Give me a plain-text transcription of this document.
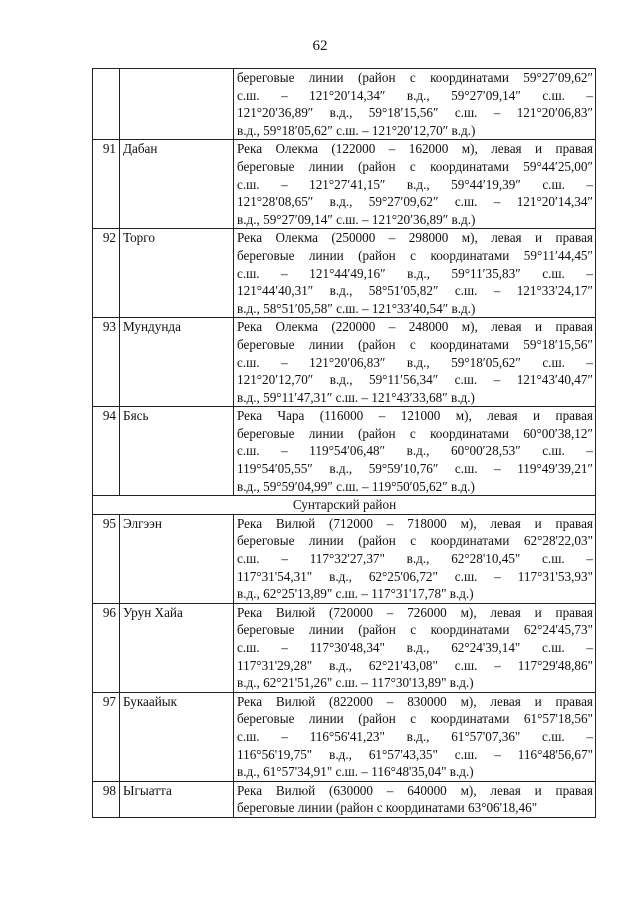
62

		береговые линии (район с координатами 59°27′09,62″
с.ш. – 121°20′14,34″ в.д., 59°27′09,14″ с.ш. –
121°20′36,89″ в.д., 59°18′15,56″ с.ш. – 121°20′06,83″
в.д., 59°18′05,62″ с.ш. – 121°20′12,70″ в.д.)

91	Дабан	Река Олекма (122000 – 162000 м), левая и правая
береговые линии (район с координатами 59°44′25,00″
с.ш. – 121°27′41,15″ в.д., 59°44′19,39″ с.ш. –
121°28′08,65″ в.д., 59°27′09,62″ с.ш. – 121°20′14,34″
в.д., 59°27′09,14″ с.ш. – 121°20′36,89″ в.д.)

92	Торго	Река Олекма (250000 – 298000 м), левая и правая
береговые линии (район с координатами 59°11′44,45″
с.ш. – 121°44′49,16″ в.д., 59°11′35,83″ с.ш. –
121°44′40,31″ в.д., 58°51′05,82″ с.ш. – 121°33′24,17″
в.д., 58°51′05,58″ с.ш. – 121°33′40,54″ в.д.)

93	Мундунда	Река Олекма (220000 – 248000 м), левая и правая
береговые линии (район с координатами 59°18′15,56″
с.ш. – 121°20′06,83″ в.д., 59°18′05,62″ с.ш. –
121°20′12,70″ в.д., 59°11′56,34″ с.ш. – 121°43′40,47″
в.д., 59°11′47,31″ с.ш. – 121°43′33,68″ в.д.)

94	Бясь	Река Чара (116000 – 121000 м), левая и правая
береговые линии (район с координатами 60°00′38,12″
с.ш. – 119°54′06,48″ в.д., 60°00′28,53″ с.ш. –
119°54′05,55″ в.д., 59°59′10,76″ с.ш. – 119°49′39,21″
в.д., 59°59′04,99″ с.ш. – 119°50′05,62″ в.д.)

Сунтарский район		
95	Элгээн	Река Вилюй (712000 – 718000 м), левая и правая
береговые линии (район с координатами 62°28'22,03"
с.ш. – 117°32'27,37" в.д., 62°28'10,45" с.ш. –
117°31'54,31" в.д., 62°25'06,72" с.ш. – 117°31'53,93"
в.д., 62°25'13,89" с.ш. – 117°31'17,78" в.д.)

96	Урун Хайа	Река Вилюй (720000 – 726000 м), левая и правая
береговые линии (район с координатами 62°24'45,73"
с.ш. – 117°30'48,34" в.д., 62°24'39,14" с.ш. –
117°31'29,28" в.д., 62°21'43,08" с.ш. – 117°29'48,86"
в.д., 62°21'51,26" с.ш. – 117°30'13,89" в.д.)

97	Букаайык	Река Вилюй (822000 – 830000 м), левая и правая
береговые линии (район с координатами 61°57'18,56"
с.ш. – 116°56'41,23" в.д., 61°57'07,36" с.ш. –
116°56'19,75" в.д., 61°57'43,35" с.ш. – 116°48'56,67"
в.д., 61°57'34,91" с.ш. – 116°48'35,04" в.д.)

98	Ыгыатта	Река Вилюй (630000 – 640000 м), левая и правая
береговые линии (район с координатами 63°06'18,46"
